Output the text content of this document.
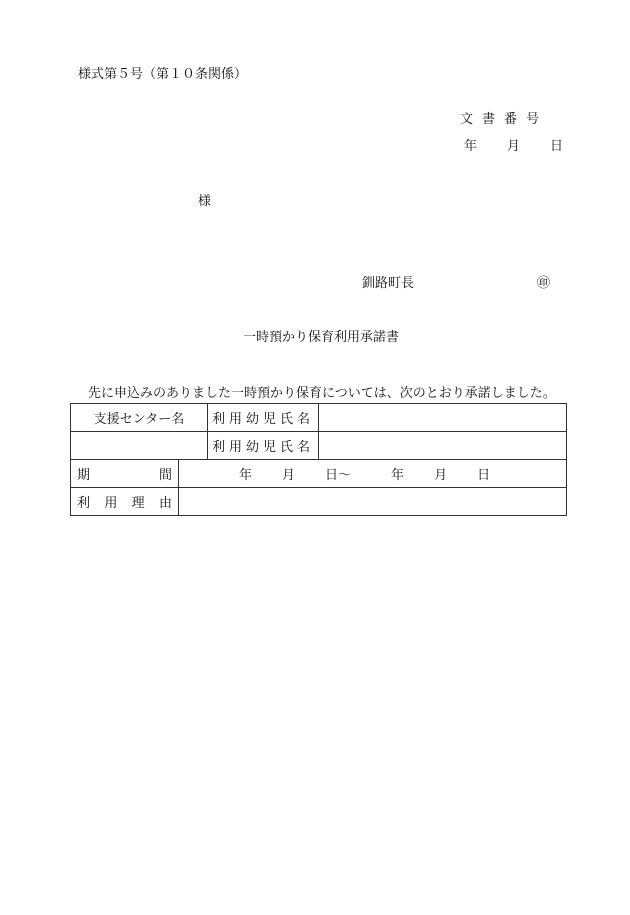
様式第５号（第１０条関係）
文書番号
年 月 日
様
釧路町長	㊞
一時預かり保育利用承諾書
先に申込みのありました一時預かり保育については、次のとおり承諾しました。
支援センター名		利用幼児氏名	
		利用幼児氏名	

期 間	年 月 日～ 年 月 日		

利 用 理 由			
